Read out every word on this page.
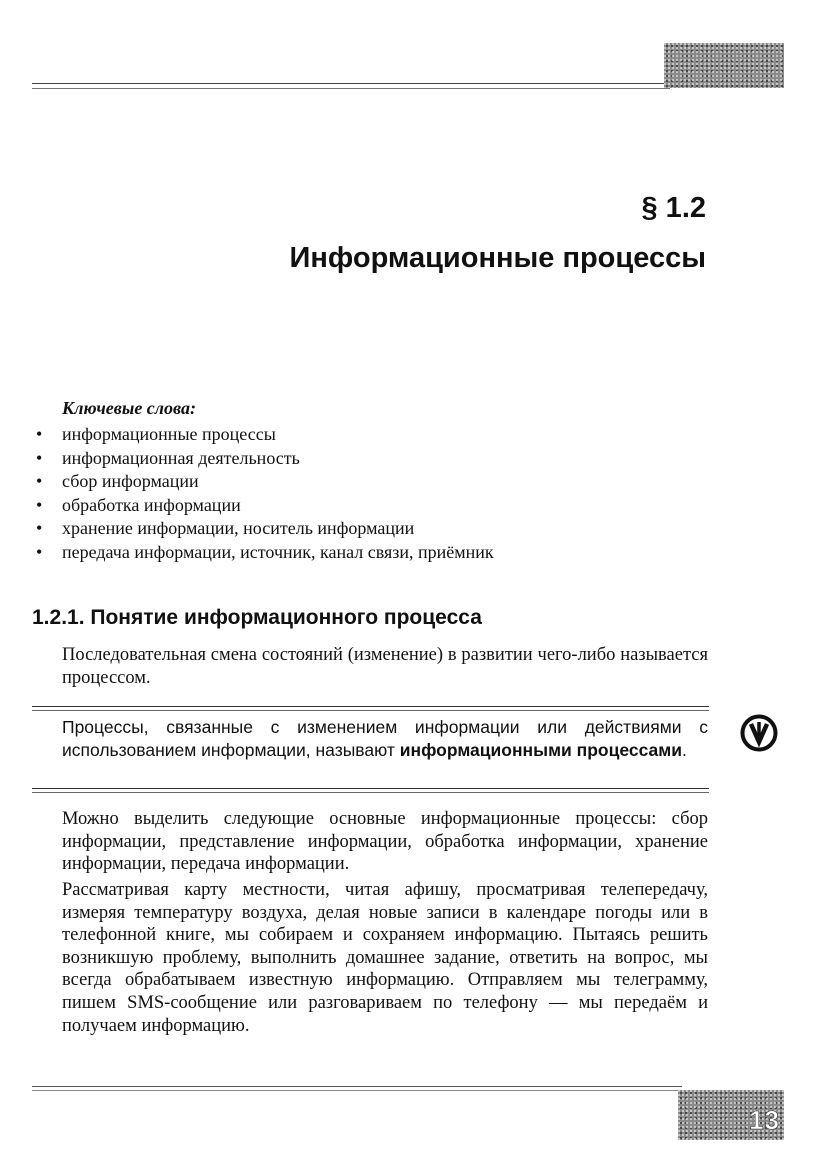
§ 1.2
Информационные процессы
Ключевые слова:
• информационные процессы
• информационная деятельность
• сбор информации
• обработка информации
• хранение информации, носитель информации
• передача информации, источник, канал связи, приёмник
1.2.1. Понятие информационного процесса
Последовательная смена состояний (изменение) в развитии чего-либо называется процессом.
Процессы, связанные с изменением информации или действиями с использованием информации, называют информационными процессами.

Можно выделить следующие основные информационные процессы: сбор информации, представление информации, обработка информации, хранение информации, передача информации.

Рассматривая карту местности, читая афишу, просматривая телепередачу, измеряя температуру воздуха, делая новые записи в календаре погоды или в телефонной книге, мы собираем и сохраняем информацию. Пытаясь решить возникшую проблему, выполнить домашнее задание, ответить на вопрос, мы всегда обрабатываем известную информацию. Отправляем мы телеграмму, пишем SMS-сообщение или разговариваем по телефону — мы передаём и получаем информацию.

13
